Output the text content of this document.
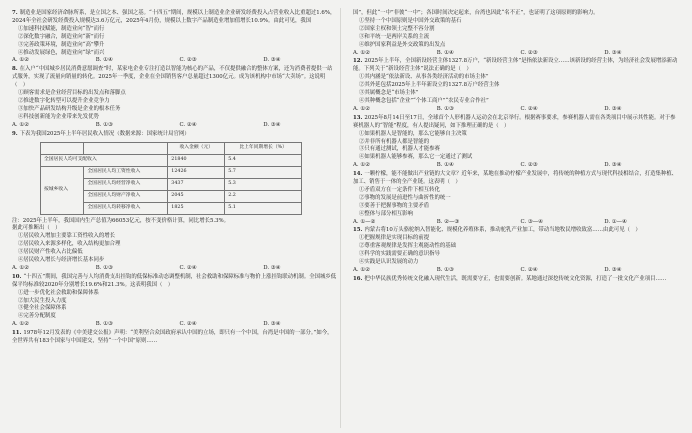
7. 制造业是国家经济命脉所系，是立国之本、强国之基。“十四五”期间，规模以上制造业企业研发经费投入占营业收入比重超过1.6%，2024年全社会研发经费投入规模达3.6万亿元，2025年4月份，规模以上数字产品制造业增加值增长10.9%。由此可见，我国
①加速科技赋能，制造业向“智”而行
②深化数字融合，制造业向“新”而行
③完善政策环境，制造业向“高”攀升
④推动发展绿色，制造业向“绿”而兴
A. ①②	B. ①④	C. ②③	D. ③④
8. 在入户“中国城乡居民消费意愿调查”时，某家电企业专注打造以智能为核心的产品，不仅提供融合的整体方案，还为消费者提供一站式服务，实现了流量向销量的转化。2025年一季度，企业在全国销售客户总量超过1300亿元。成为该机构中市场“大卖场”。这说明（　）
①顾客需求是企业经营目标的出发点和落脚点
②推进数字化转型可以提升企业竞争力
③加快产品研发结构升级是企业的根本任务
④科技创新能为企业带来先发优势
A. ①②	B. ①③	C. ②④	D. ③④
9. 下表为我国2025年上半年居民收入情况（数据来源：国家统计局官网）
		收入金额（元）	比上年同期增长（%）
全国居民人均可支配收入		21840	5.4
按城乡收入	全国居民人均工资性收入	12426	5.7
	全国居民人均经营净收入	3437	5.3
	全国居民人均财产净收入	2045	2.2
	全国居民人均转移净收入	1825	5.1
注：2025年上半年，我国国内生产总值为66053亿元，按不变价格计算，同比增长5.3%。
据此可推断出（　）
①居民收入增加主要靠工资性收入的增长
②居民收入来源多样化，收入结构更加合理
③居民财产性收入占比偏低
④居民收入增长与经济增长基本同步
A. ①②	B. ①③	C. ②④	D. ③④
10. “十四五”期间，我国完善与人均消费支出挂钩的低保标准动态调整机制，社会救助和保障标准与物价上涨挂钩联动机制。全国城乡低保平均标准较2020年分别增长19.6%和21.3%。这表明我国（　）
①进一步优化社会救助和保障体系
②加大民生投入力度
③健全社会保障体系
④完善分配制度
A. ①②	B. ①③	C. ②④	D. ③④
11. 1978年12月发表的《中美建交公报》声明：“美利坚合众国政府承认中国的立场，即只有一个中国，台湾是中国的一部分。”如今，全世界共有183个国家与中国建交，坚持“一个中国”原则……
国”，但此“一中”非彼“一中”；各国时间决定起来，台湾也因此“名不正”，也证明了这项原则的影响力。
①坚持一个中国原则是中国外交政策的基石
②国家主权和领土完整不容分割
③和平统一是两岸关系的主流
④维护国家利益是外交政策的出发点
A. ①②	B. ①④	C. ②③	D. ③④
12. 2025年上半年，全国新设经营主体1327.8万户，“新设经营主体”是指依法新设立……该新设的经营主体，为经济社会发展增添新动能。下列关于“新设经营主体”说法正确的是（　）
①其内涵是“依法新设、从事各类经济活动的市场主体”
②其外延包括2025年上半年新设立的1327.8万户经营主体
③其属概念是“市场主体”
④其种概念包括“企业”“个体工商户”“农民专业合作社”
A. ①②	B. ①③	C. ②④	D. ③④
13. 2025年8月14日至17日，全球首个人形机器人运动会在北京举行。根据赛事要求，参赛机器人需在各类项目中展示其性能。对于参赛机器人的“智能”程度，有人提出疑问，如下推理正确的是（　）
①如果机器人是智能的，那么它能够自主决策
②并非所有机器人都是智能的
③只有通过测试，机器人才能参赛
④如果机器人能够参赛，那么它一定通过了测试
A. ①②	B. ①④	C. ②③	D. ③④
14. 一颗柠檬，能不能做出产业链的大文章？近年来，某地在推动柠檬产业发展中，将传统的种植方式与现代科技相结合，打造集种植、加工、销售于一体的全产业链。这表明（　）
①矛盾双方在一定条件下相互转化
②事物的发展是前进性与曲折性的统一
③要善于把握事物的主要矛盾
④整体与部分相互影响
A. ①—②	B. ②—③	C. ③—④	D. ①—④
15. 内蒙古将10万头骆驼纳入智能化、规模化养殖体系，推动驼乳产业加工，带动当地牧民增收致富……由此可见（　）
①把握规律是实现目标的前提
②尊重客观规律是发挥主观能动性的基础
③科学的实践需要正确的意识指导
④实践是认识发展的动力
A. ①②	B. ①③	C. ②④	D. ③④
16. 把中华民族优秀传统文化融入现代生活，既需要守正，也需要创新。某地通过深挖传统文化资源，打造了一批文化产业项目……
